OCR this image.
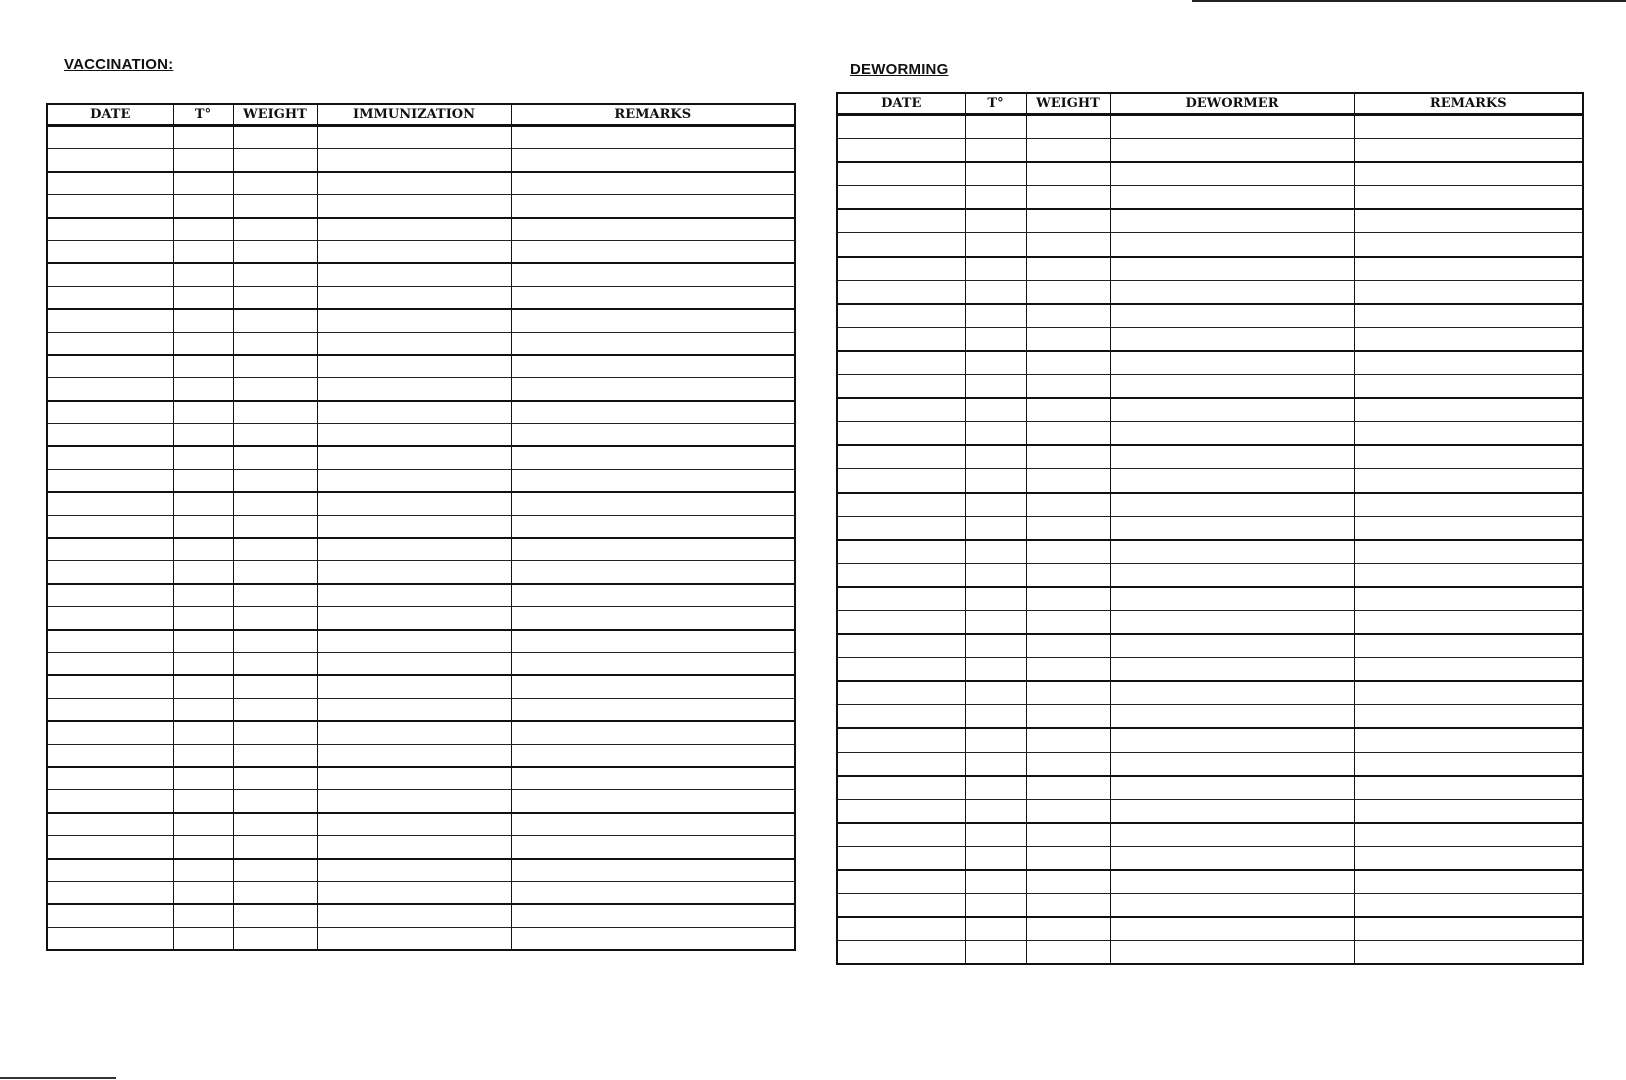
VACCINATION:
DATE	T°	WEIGHT	IMMUNIZATION	REMARKS

DEWORMING
DATE	T°	WEIGHT	DEWORMER	REMARKS
